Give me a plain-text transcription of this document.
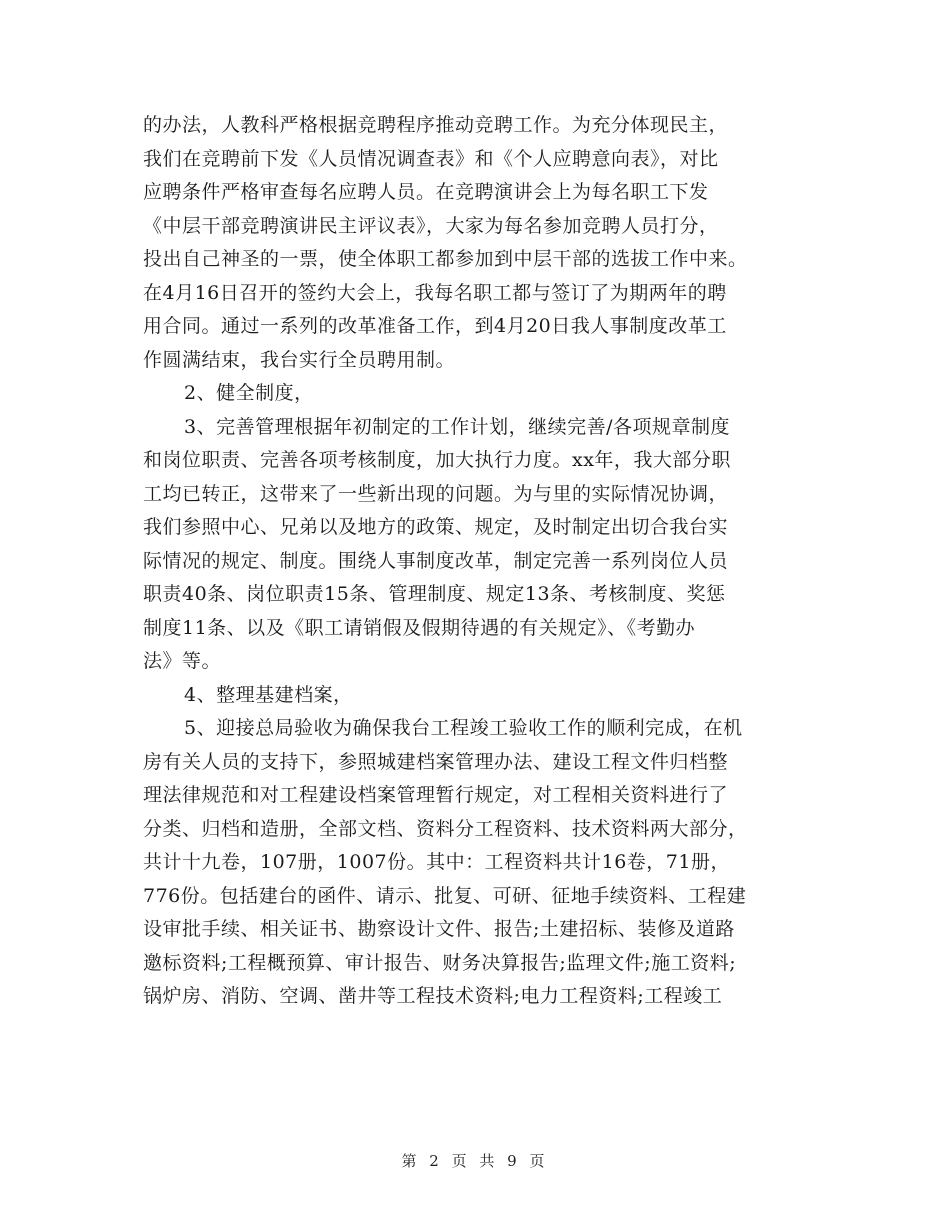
的办法，人教科严格根据竞聘程序推动竞聘工作。为充分体现民主，
我们在竞聘前下发《人员情况调查表》和《个人应聘意向表》，对比
应聘条件严格审查每名应聘人员。在竞聘演讲会上为每名职工下发
《中层干部竞聘演讲民主评议表》，大家为每名参加竞聘人员打分，
投出自己神圣的一票，使全体职工都参加到中层干部的选拔工作中来。
在4月16日召开的签约大会上，我每名职工都与签订了为期两年的聘
用合同。通过一系列的改革准备工作，到4月20日我人事制度改革工
作圆满结束，我台实行全员聘用制。
2、健全制度，
3、完善管理根据年初制定的工作计划，继续完善/各项规章制度
和岗位职责、完善各项考核制度，加大执行力度。xx年，我大部分职
工均已转正，这带来了一些新出现的问题。为与里的实际情况协调，
我们参照中心、兄弟以及地方的政策、规定，及时制定出切合我台实
际情况的规定、制度。围绕人事制度改革，制定完善一系列岗位人员
职责40条、岗位职责15条、管理制度、规定13条、考核制度、奖惩
制度11条、以及《职工请销假及假期待遇的有关规定》、《考勤办
法》等。
4、整理基建档案，
5、迎接总局验收为确保我台工程竣工验收工作的顺利完成，在机
房有关人员的支持下，参照城建档案管理办法、建设工程文件归档整
理法律规范和对工程建设档案管理暂行规定，对工程相关资料进行了
分类、归档和造册，全部文档、资料分工程资料、技术资料两大部分，
共计十九卷，107册，1007份。其中：工程资料共计16卷，71册，
776份。包括建台的函件、请示、批复、可研、征地手续资料、工程建
设审批手续、相关证书、勘察设计文件、报告;土建招标、装修及道路
邀标资料;工程概预算、审计报告、财务决算报告;监理文件;施工资料;
锅炉房、消防、空调、凿井等工程技术资料;电力工程资料;工程竣工
第 2 页 共 9 页
